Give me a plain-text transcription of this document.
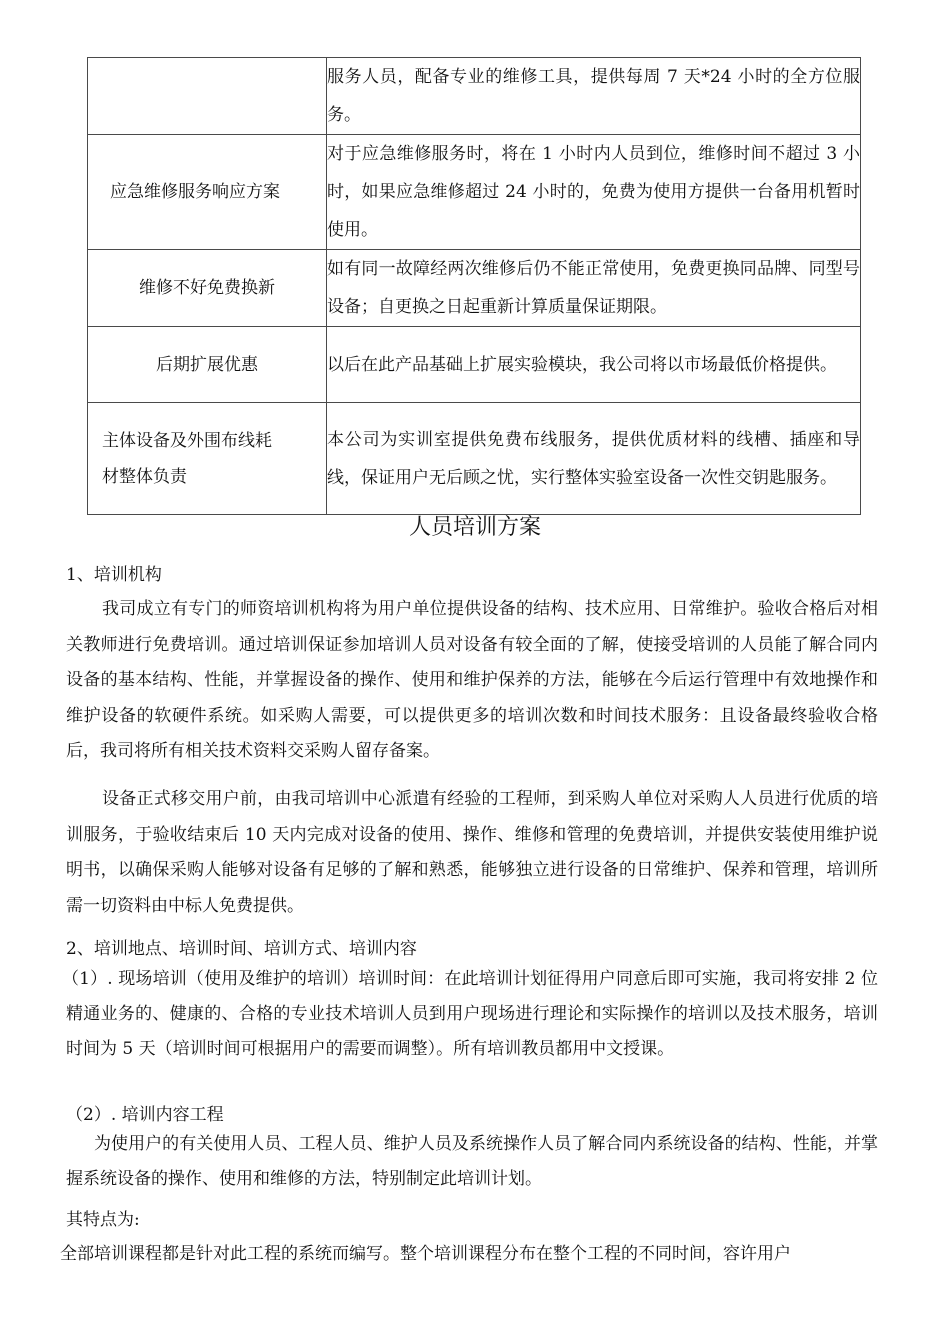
	服务人员，配备专业的维修工具，提供每周 7 天*24 小时的全方位服务。
应急维修服务响应方案	对于应急维修服务时，将在 1 小时内人员到位，维修时间不超过 3 小时，如果应急维修超过 24 小时的，免费为使用方提供一台备用机暂时使用。
维修不好免费换新	如有同一故障经两次维修后仍不能正常使用，免费更换同品牌、同型号设备；自更换之日起重新计算质量保证期限。
后期扩展优惠	以后在此产品基础上扩展实验模块，我公司将以市场最低价格提供。
主体设备及外围布线耗材整体负责	本公司为实训室提供免费布线服务，提供优质材料的线槽、插座和导线，保证用户无后顾之忧，实行整体实验室设备一次性交钥匙服务。
人员培训方案
1、培训机构
我司成立有专门的师资培训机构将为用户单位提供设备的结构、技术应用、日常维护。验收合格后对相关教师进行免费培训。通过培训保证参加培训人员对设备有较全面的了解，使接受培训的人员能了解合同内设备的基本结构、性能，并掌握设备的操作、使用和维护保养的方法，能够在今后运行管理中有效地操作和维护设备的软硬件系统。如采购人需要，可以提供更多的培训次数和时间技术服务：且设备最终验收合格后，我司将所有相关技术资料交采购人留存备案。
设备正式移交用户前，由我司培训中心派遣有经验的工程师，到采购人单位对采购人人员进行优质的培训服务，于验收结束后 10 天内完成对设备的使用、操作、维修和管理的免费培训，并提供安装使用维护说明书，以确保采购人能够对设备有足够的了解和熟悉，能够独立进行设备的日常维护、保养和管理，培训所需一切资料由中标人免费提供。
2、培训地点、培训时间、培训方式、培训内容
（1）. 现场培训（使用及维护的培训）培训时间：在此培训计划征得用户同意后即可实施，我司将安排 2 位精通业务的、健康的、合格的专业技术培训人员到用户现场进行理论和实际操作的培训以及技术服务，培训时间为 5 天（培训时间可根据用户的需要而调整）。所有培训教员都用中文授课。
（2）. 培训内容工程
为使用户的有关使用人员、工程人员、维护人员及系统操作人员了解合同内系统设备的结构、性能，并掌握系统设备的操作、使用和维修的方法，特别制定此培训计划。
其特点为:
全部培训课程都是针对此工程的系统而编写。整个培训课程分布在整个工程的不同时间，容许用户
